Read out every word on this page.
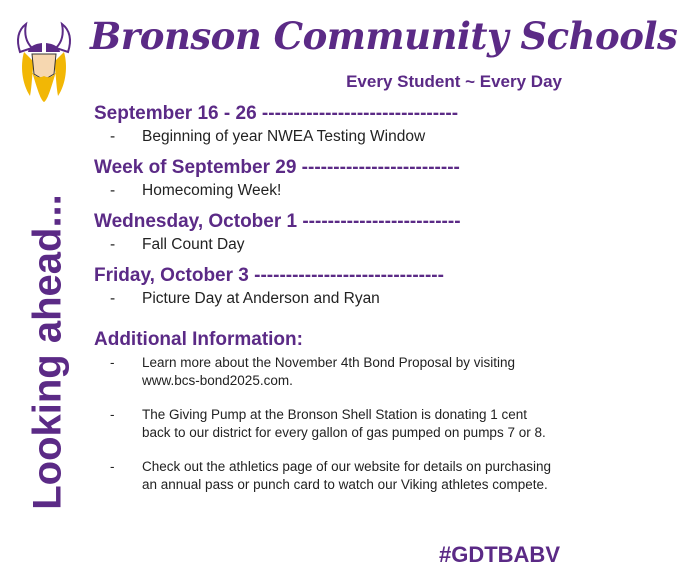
Bronson Community Schools
Every Student ~ Every Day
Looking ahead...
September 16 - 26 -------------------------------
- Beginning of year NWEA Testing Window
Week of September 29 -------------------------
- Homecoming Week!
Wednesday, October 1 -------------------------
- Fall Count Day
Friday, October 3 ------------------------------
- Picture Day at Anderson and Ryan
Additional Information:
- Learn more about the November 4th Bond Proposal by visiting www.bcs-bond2025.com.
- The Giving Pump at the Bronson Shell Station is donating 1 cent back to our district for every gallon of gas pumped on pumps 7 or 8.
- Check out the athletics page of our website for details on purchasing an annual pass or punch card to watch our Viking athletes compete.
#GDTBABV
